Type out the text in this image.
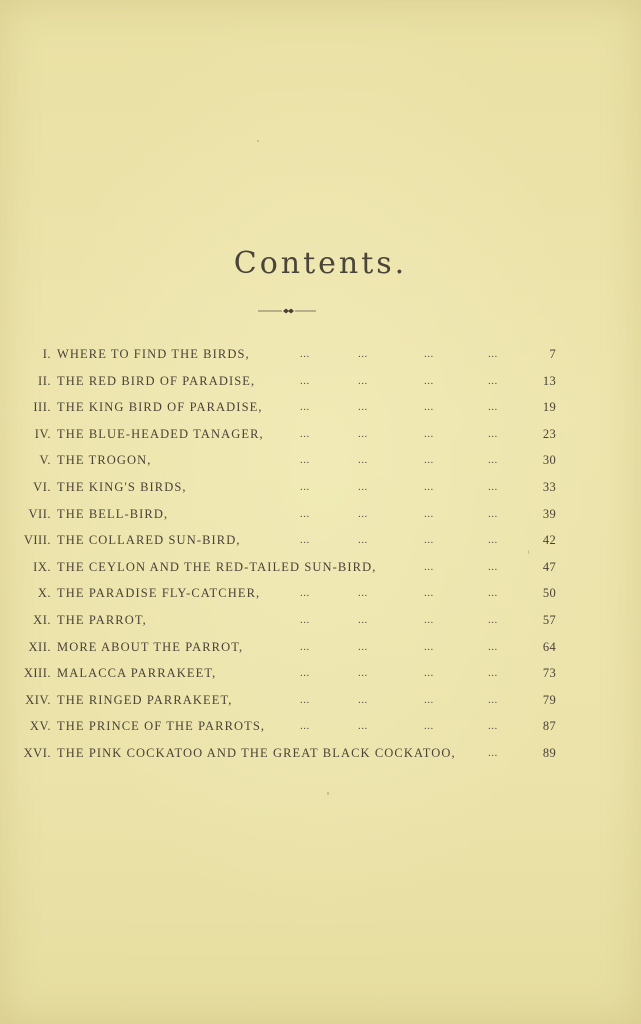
Contents.
I. WHERE TO FIND THE BIRDS,	7
...	...	...	...
II. THE RED BIRD OF PARADISE,	13
...	...	...	...
III. THE KING BIRD OF PARADISE,	19
...	...	...	...
IV. THE BLUE-HEADED TANAGER,	23
...	...	...	...
V. THE TROGON,	30
...	...	...	...
VI. THE KING'S BIRDS,	33
...	...	...	...
VII. THE BELL-BIRD,	39
...	...	...	...
VIII. THE COLLARED SUN-BIRD,	42
...	...	...	...
IX. THE CEYLON AND THE RED-TAILED SUN-BIRD,	47
...	...
X. THE PARADISE FLY-CATCHER,	50
...	...	...	...
XI. THE PARROT,	57
...	...	...	...
XII. MORE ABOUT THE PARROT,	64
...	...	...	...
XIII. MALACCA PARRAKEET,	73
...	...	...	...
XIV. THE RINGED PARRAKEET,	79
...	...	...	...
XV. THE PRINCE OF THE PARROTS,	87
...	...	...	...
XVI. THE PINK COCKATOO AND THE GREAT BLACK COCKATOO,	89
...
